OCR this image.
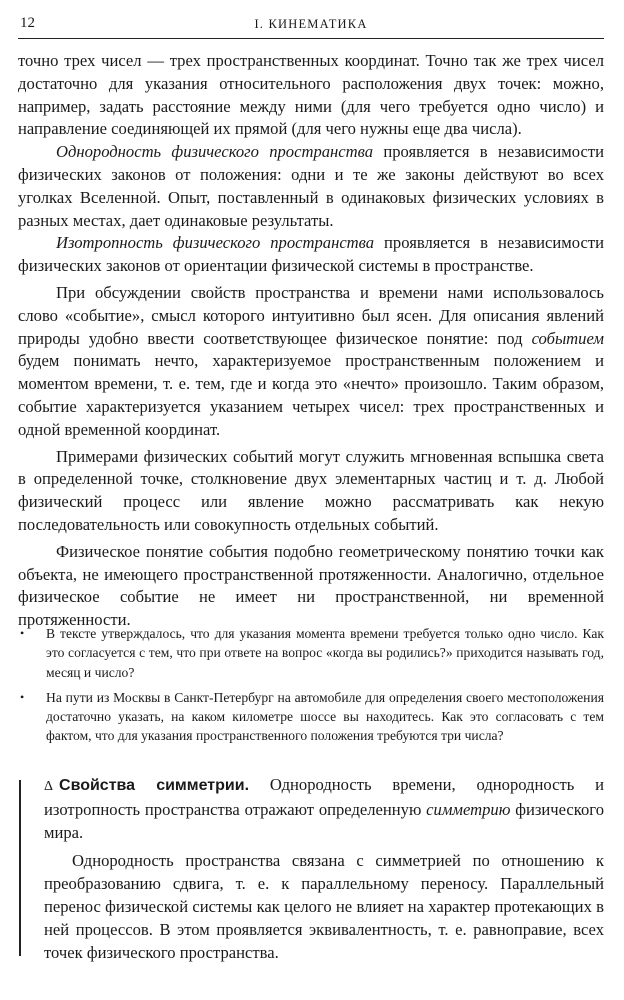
12	I. КИНЕМАТИКА

точно трех чисел — трех пространственных координат. Точно так же трех чисел достаточно для указания относительного расположения двух точек: можно, например, задать расстояние между ними (для чего требуется одно число) и направление соединяющей их прямой (для чего нужны еще два числа).

Однородность физического пространства проявляется в независимости физических законов от положения: одни и те же законы действуют во всех уголках Вселенной. Опыт, поставленный в одинаковых физических условиях в разных местах, дает одинаковые результаты.

Изотропность физического пространства проявляется в независимости физических законов от ориентации физической системы в пространстве.

При обсуждении свойств пространства и времени нами использовалось слово «событие», смысл которого интуитивно был ясен. Для описания явлений природы удобно ввести соответствующее физическое понятие: под событием будем понимать нечто, характеризуемое пространственным положением и моментом времени, т. е. тем, где и когда это «нечто» произошло. Таким образом, событие характеризуется указанием четырех чисел: трех пространственных и одной временной координат.

Примерами физических событий могут служить мгновенная вспышка света в определенной точке, столкновение двух элементарных частиц и т. д. Любой физический процесс или явление можно рассматривать как некую последовательность или совокупность отдельных событий.

Физическое понятие события подобно геометрическому понятию точки как объекта, не имеющего пространственной протяженности. Аналогично, отдельное физическое событие не имеет ни пространственной, ни временной протяженности.

• В тексте утверждалось, что для указания момента времени требуется только одно число. Как это согласуется с тем, что при ответе на вопрос «когда вы родились?» приходится называть год, месяц и число?
• На пути из Москвы в Санкт-Петербург на автомобиле для определения своего местоположения достаточно указать, на каком километре шоссе вы находитесь. Как это согласовать с тем фактом, что для указания пространственного положения требуются три числа?

Δ Свойства симметрии. Однородность времени, однородность и изотропность пространства отражают определенную симметрию физического мира.

Однородность пространства связана с симметрией по отношению к преобразованию сдвига, т. е. к параллельному переносу. Параллельный перенос физической системы как целого не влияет на характер протекающих в ней процессов. В этом проявляется эквивалентность, т. е. равноправие, всех точек физического пространства.
